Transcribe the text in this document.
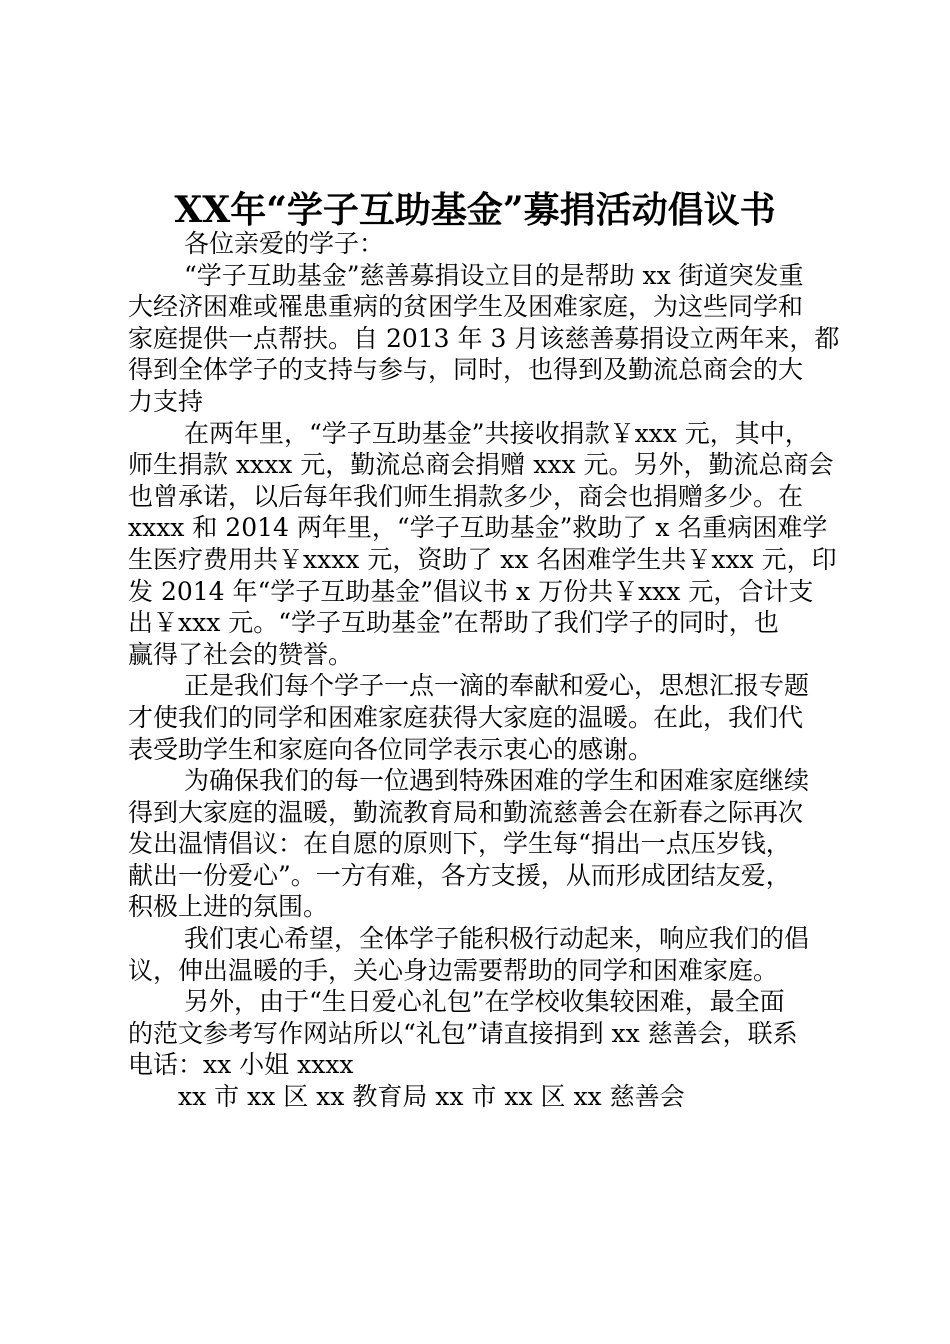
XX年“学子互助基金”募捐活动倡议书
各位亲爱的学子：
“学子互助基金”慈善募捐设立目的是帮助 xx 街道突发重
大经济困难或罹患重病的贫困学生及困难家庭，为这些同学和
家庭提供一点帮扶。自 2013 年 3 月该慈善募捐设立两年来，都
得到全体学子的支持与参与，同时，也得到及勤流总商会的大
力支持
在两年里，“学子互助基金”共接收捐款￥xxx 元，其中，
师生捐款 xxxx 元，勤流总商会捐赠 xxx 元。另外，勤流总商会
也曾承诺，以后每年我们师生捐款多少，商会也捐赠多少。在
xxxx 和 2014 两年里，“学子互助基金”救助了 x 名重病困难学
生医疗费用共￥xxxx 元，资助了 xx 名困难学生共￥xxx 元，印
发 2014 年“学子互助基金”倡议书 x 万份共￥xxx 元，合计支
出￥xxx 元。“学子互助基金”在帮助了我们学子的同时，也
赢得了社会的赞誉。
正是我们每个学子一点一滴的奉献和爱心，思想汇报专题
才使我们的同学和困难家庭获得大家庭的温暖。在此，我们代
表受助学生和家庭向各位同学表示衷心的感谢。
为确保我们的每一位遇到特殊困难的学生和困难家庭继续
得到大家庭的温暖，勤流教育局和勤流慈善会在新春之际再次
发出温情倡议：在自愿的原则下，学生每“捐出一点压岁钱，
献出一份爱心”。一方有难，各方支援，从而形成团结友爱，
积极上进的氛围。
我们衷心希望，全体学子能积极行动起来，响应我们的倡
议，伸出温暖的手，关心身边需要帮助的同学和困难家庭。
另外，由于“生日爱心礼包”在学校收集较困难，最全面
的范文参考写作网站所以“礼包”请直接捐到 xx 慈善会，联系
电话：xx 小姐 xxxx
xx 市 xx 区 xx 教育局 xx 市 xx 区 xx 慈善会
